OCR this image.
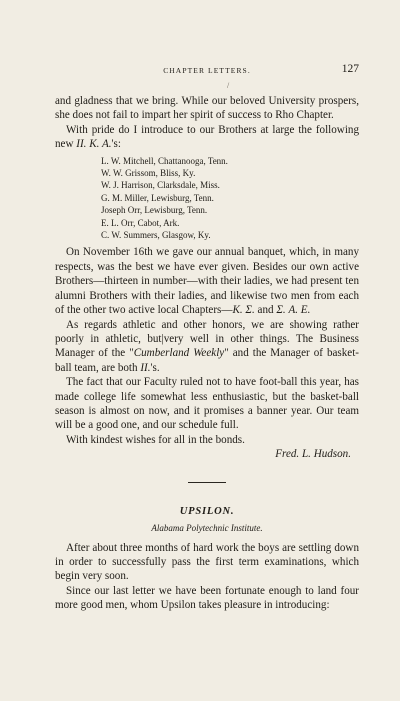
CHAPTER LETTERS.	127
/

and gladness that we bring. While our beloved University prospers, she does not fail to impart her spirit of success to Rho Chapter.

With pride do I introduce to our Brothers at large the following new II. K. A.'s:

L. W. Mitchell, Chattanooga, Tenn.
W. W. Grissom, Bliss, Ky.
W. J. Harrison, Clarksdale, Miss.
G. M. Miller, Lewisburg, Tenn.
Joseph Orr, Lewisburg, Tenn.
E. L. Orr, Cabot, Ark.
C. W. Summers, Glasgow, Ky.

On November 16th we gave our annual banquet, which, in many respects, was the best we have ever given. Besides our own active Brothers—thirteen in number—with their ladies, we had present ten alumni Brothers with their ladies, and likewise two men from each of the other two active local Chapters—K. Σ. and Σ. A. E.

As regards athletic and other honors, we are showing rather poorly in athletic, but|very well in other things. The Business Manager of the "Cumberland Weekly" and the Manager of basket-ball team, are both II.'s.

The fact that our Faculty ruled not to have foot-ball this year, has made college life somewhat less enthusiastic, but the basket-ball season is almost on now, and it promises a banner year. Our team will be a good one, and our schedule full.

With kindest wishes for all in the bonds.

Fred. L. Hudson.
UPSILON.
Alabama Polytechnic Institute.

After about three months of hard work the boys are settling down in order to successfully pass the first term examinations, which begin very soon.

Since our last letter we have been fortunate enough to land four more good men, whom Upsilon takes pleasure in introducing:
